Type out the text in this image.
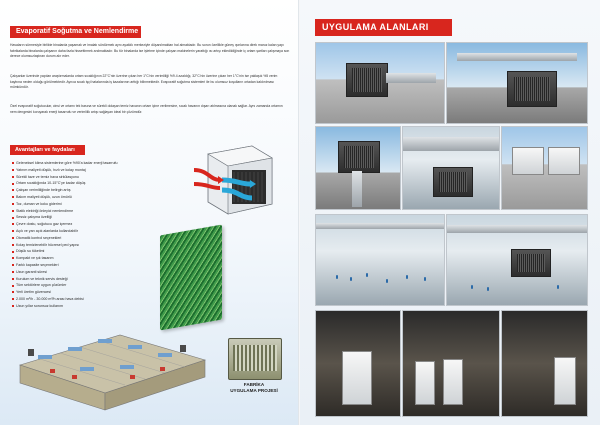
Evaporatif Soğutma ve Nemlendirme
Havaların sürmesiyle birlikte binalarda yaşamak ve imalatı sürdürmek aynı ayaklık merkeziyle düşanılmaktan hal almaktadır. Bu sorun özellikle güneş ışınlarına direk maruz kalan yapı fabrikalarda binalarda çalışanın daha fazla hissettirmek anılmaktadır. Bu tür binalarda ise işletme içinde çalışan makinelerin yarattığı ısı artışı ekledildiğinde iç ortam şartları çalışmaya son derece olumsuzlaştıran durum alır eder.
Çalışanlar üzerinde yapılan araştırmalarda ortam sıcaklığının 22°C'nin üzerine çıkan her 1°C'nin verimliliği %9.4 azaldığı, 32°C'nin üzerine çıkan her 1°C'nin ise yaklaşık %5 verim kaybına neden olduğu görülmektedir. Ayrıca sıcak işçi hatalarında iş kazalarının arttığı bilinmektedir. Evaporatif soğutma sistemleri ile bu olumsuz koşulların ortadan kaldırılması mümkündür.
Özel evaporatif soğutucular, cinsi ve ortamı tek basına ve sürekli dolaşan temiz havanın ortam içine verilmesine, sıcak havanın dışarı atılmasına olanak sağlar. Aynı zamanda ortamın nem dengesini koruyarak enerji tasarrufu ve verimlilik artışı sağlayan ideal bir çözümdür.
Avantajları ve faydaları
Geleneksel klima sistemlerine göre %90'a kadar enerji tasarrufu
Yatırım maliyeti düşük, hızlı ve kolay montaj
Sürekli taze ve temiz hava sirkülasyonu
Ortam sıcaklığında 10-15°C'ye kadar düşüş
Çalışan verimliliğinde belirgin artış
Bakım maliyeti düşük, uzun ömürlü
Toz, duman ve koku giderimi
Statik elektriği önleyici nemlendirme
Sessiz çalışma özelliği
Çevre dostu, soğutucu gaz içermez
Açık ve yarı açık alanlarda kullanılabilir
Otomatik kontrol seçenekleri
Kolay temizlenebilir hücresel ped yapısı
Düşük su tüketimi
Kompakt ve şık tasarım
Farklı kapasite seçenekleri
Uzun garanti süresi
Kurulum ve teknik servis desteği
Tüm sektörlere uygun çözümler
Yerli üretim güvencesi
2.000 m³/h - 30.000 m³/h arası hava debisi
Uzun yıllar sorunsuz kullanım
FABRİKA
UYGULAMA PROJESİ
UYGULAMA ALANLARI
